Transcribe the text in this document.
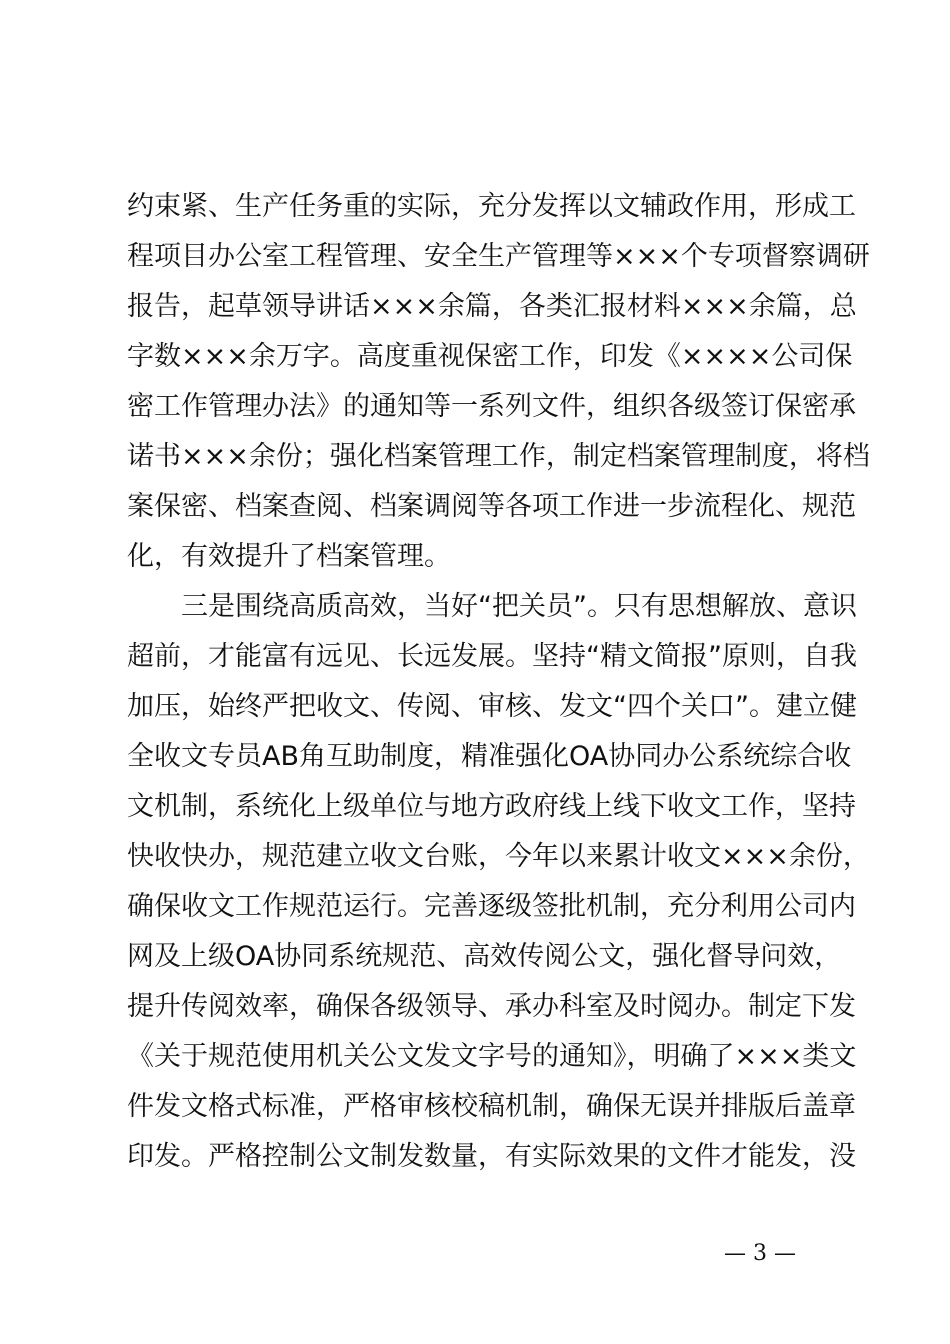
约束紧、生产任务重的实际，充分发挥以文辅政作用，形成工
程项目办公室工程管理、安全生产管理等×××个专项督察调研
报告，起草领导讲话×××余篇，各类汇报材料×××余篇，总
字数×××余万字。高度重视保密工作，印发《××××公司保
密工作管理办法》的通知等一系列文件，组织各级签订保密承
诺书×××余份；强化档案管理工作，制定档案管理制度，将档
案保密、档案查阅、档案调阅等各项工作进一步流程化、规范
化，有效提升了档案管理。
三是围绕高质高效，当好“把关员”。只有思想解放、意识
超前，才能富有远见、长远发展。坚持“精文简报”原则，自我
加压，始终严把收文、传阅、审核、发文“四个关口”。建立健
全收文专员AB角互助制度，精准强化OA协同办公系统综合收
文机制，系统化上级单位与地方政府线上线下收文工作，坚持
快收快办，规范建立收文台账，今年以来累计收文×××余份，
确保收文工作规范运行。完善逐级签批机制，充分利用公司内
网及上级OA协同系统规范、高效传阅公文，强化督导问效，
提升传阅效率，确保各级领导、承办科室及时阅办。制定下发
《关于规范使用机关公文发文字号的通知》，明确了×××类文
件发文格式标准，严格审核校稿机制，确保无误并排版后盖章
印发。严格控制公文制发数量，有实际效果的文件才能发，没
— 3 —
